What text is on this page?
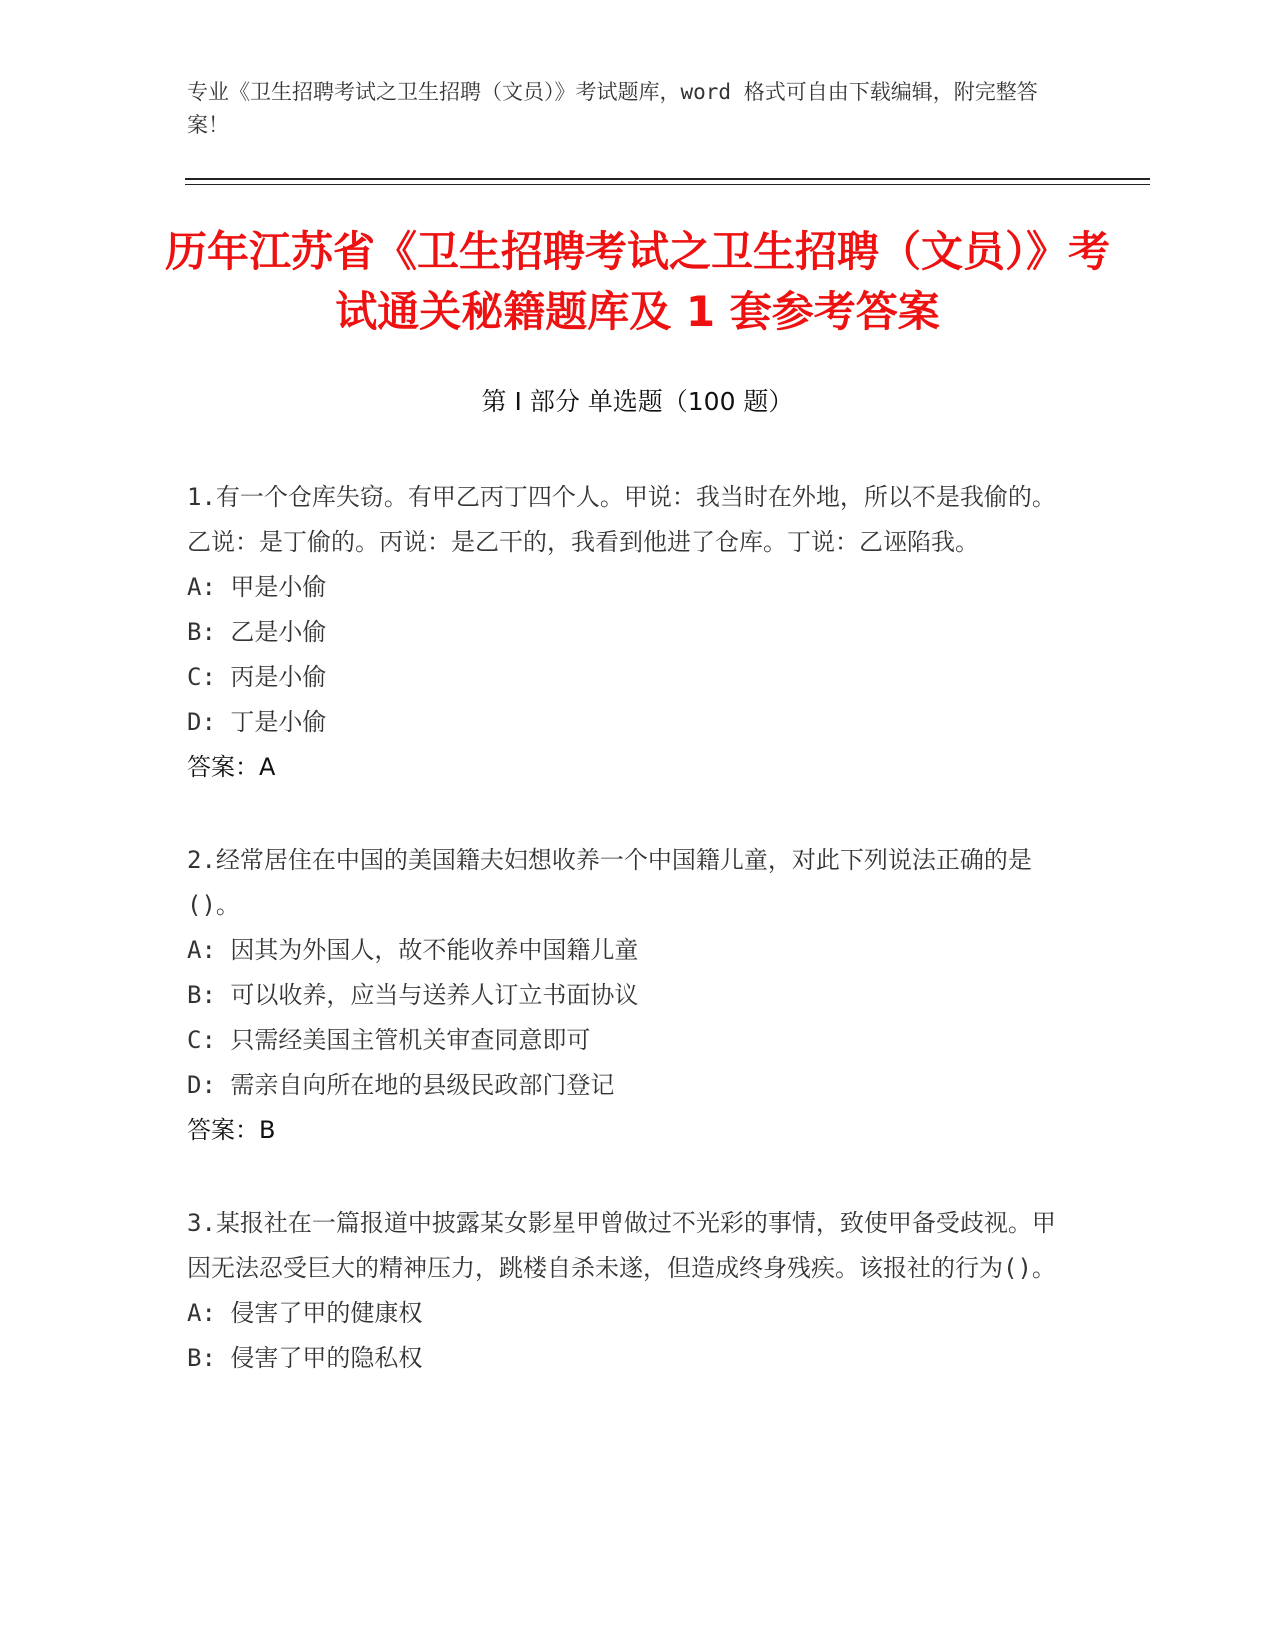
专业《卫生招聘考试之卫生招聘（文员）》考试题库，word 格式可自由下载编辑，附完整答案！
历年江苏省《卫生招聘考试之卫生招聘（文员）》考试通关秘籍题库及 1 套参考答案
第 I 部分 单选题（100 题）

1.有一个仓库失窃。有甲乙丙丁四个人。甲说：我当时在外地，所以不是我偷的。乙说：是丁偷的。丙说：是乙干的，我看到他进了仓库。丁说：乙诬陷我。

A: 甲是小偷

B: 乙是小偷

C: 丙是小偷

D: 丁是小偷

答案：A

2.经常居住在中国的美国籍夫妇想收养一个中国籍儿童，对此下列说法正确的是()。

A: 因其为外国人，故不能收养中国籍儿童

B: 可以收养，应当与送养人订立书面协议

C: 只需经美国主管机关审查同意即可

D: 需亲自向所在地的县级民政部门登记

答案：B

3.某报社在一篇报道中披露某女影星甲曾做过不光彩的事情，致使甲备受歧视。甲因无法忍受巨大的精神压力，跳楼自杀未遂，但造成终身残疾。该报社的行为()。

A: 侵害了甲的健康权

B: 侵害了甲的隐私权
